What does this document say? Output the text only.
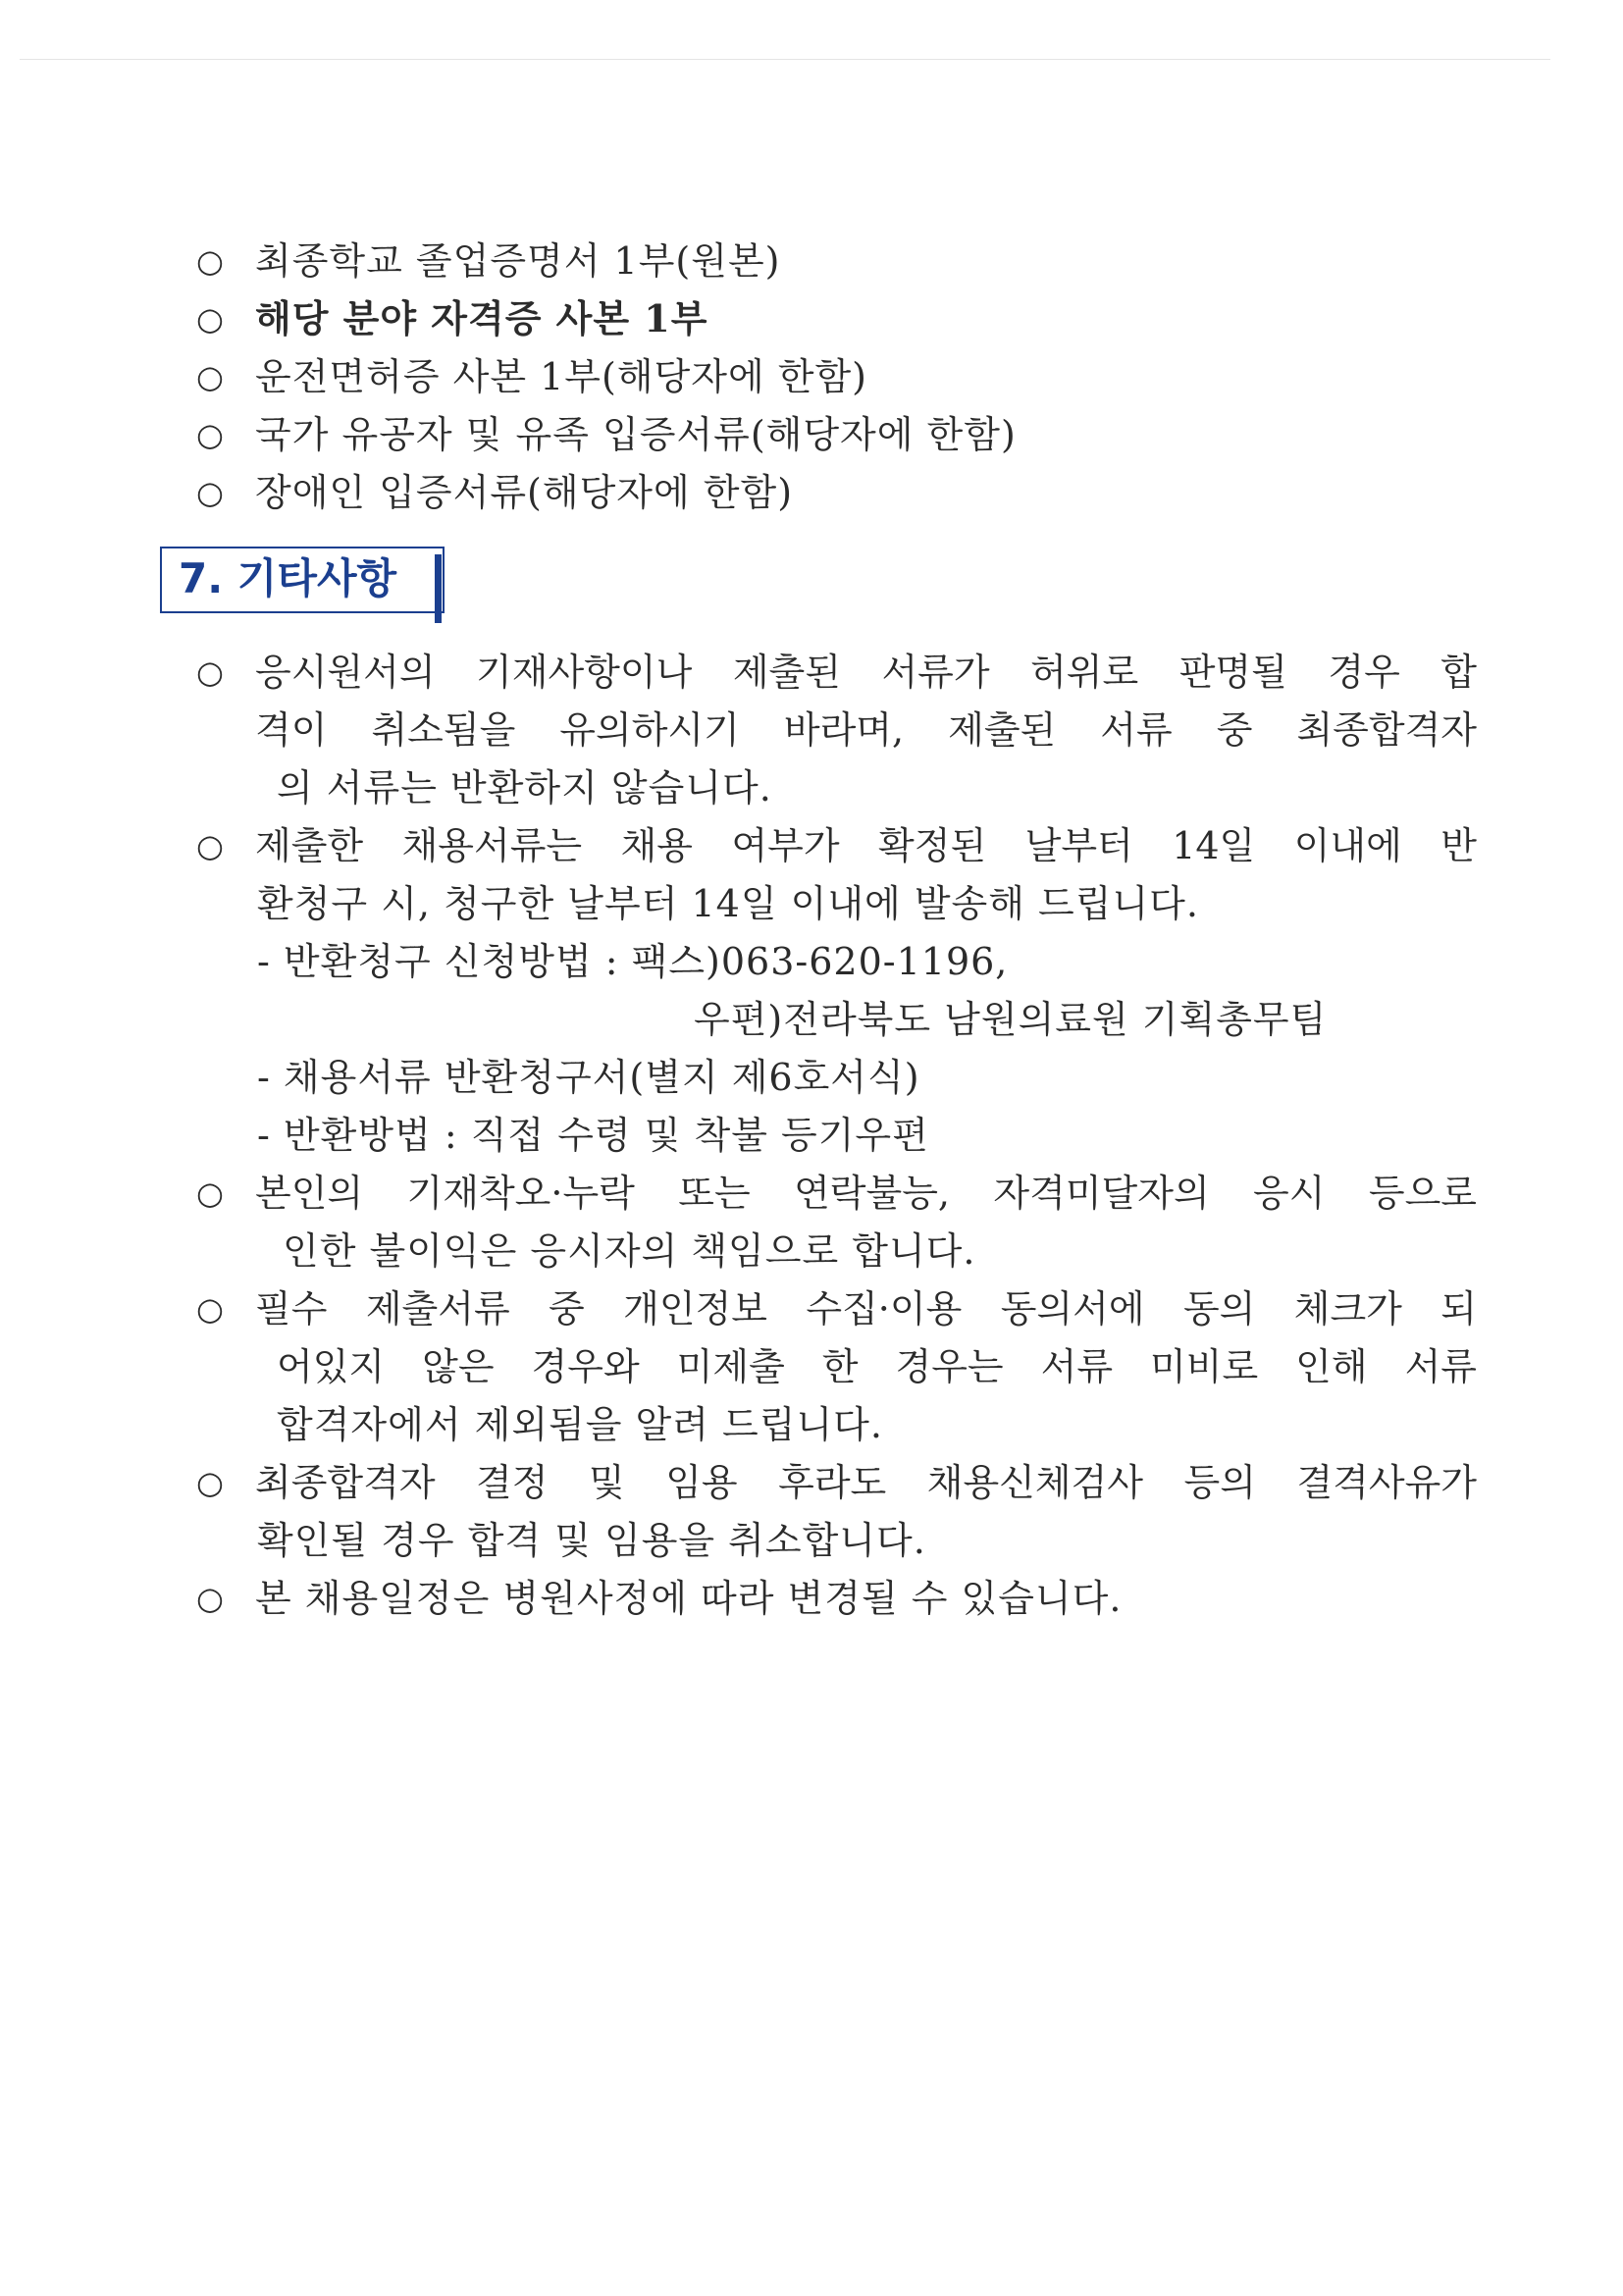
○ 최종학교 졸업증명서 1부(원본)
○ 해당 분야 자격증 사본 1부
○ 운전면허증 사본 1부(해당자에 한함)
○ 국가 유공자 및 유족 입증서류(해당자에 한함)
○ 장애인 입증서류(해당자에 한함)
7. 기타사항
○ 응시원서의 기재사항이나 제출된 서류가 허위로 판명될 경우 합
격이 취소됨을 유의하시기 바라며, 제출된 서류 중 최종합격자
의 서류는 반환하지 않습니다.
○ 제출한 채용서류는 채용 여부가 확정된 날부터 14일 이내에 반
환청구 시, 청구한 날부터 14일 이내에 발송해 드립니다.
- 반환청구 신청방법 : 팩스)063-620-1196,
우편)전라북도 남원의료원 기획총무팀
- 채용서류 반환청구서(별지 제6호서식)
- 반환방법 : 직접 수령 및 착불 등기우편
○ 본인의 기재착오·누락 또는 연락불능, 자격미달자의 응시 등으로
인한 불이익은 응시자의 책임으로 합니다.
○ 필수 제출서류 중 개인정보 수집·이용 동의서에 동의 체크가 되
어있지 않은 경우와 미제출 한 경우는 서류 미비로 인해 서류
합격자에서 제외됨을 알려 드립니다.
○ 최종합격자 결정 및 임용 후라도 채용신체검사 등의 결격사유가
확인될 경우 합격 및 임용을 취소합니다.
○ 본 채용일정은 병원사정에 따라 변경될 수 있습니다.
